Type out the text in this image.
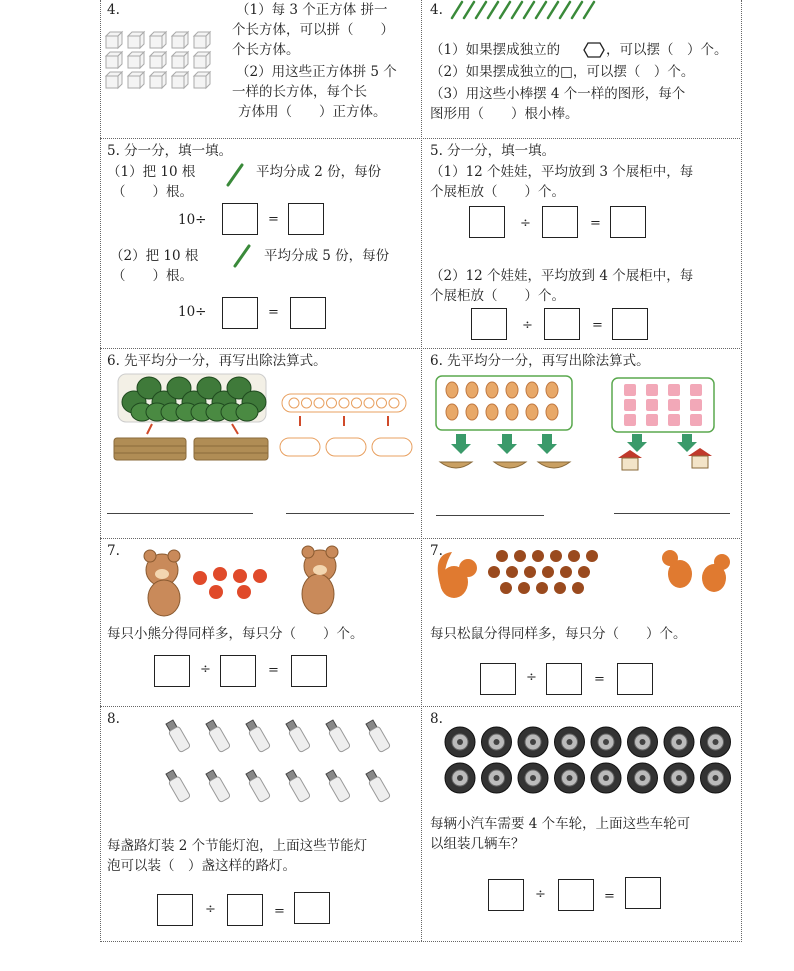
4.	（1）每 3 个正方体 拼一
个长方体，可以拼（　　）
个长方体。
（2）用这些正方体拼 5 个
一样的长方体，每个长
方体用（　　）正方体。
4.
（1）如果摆成独立的	，可以摆（　）个。
（2）如果摆成独立的□，可以摆（　）个。
（3）用这些小棒摆 4 个一样的图形，每个
图形用（　　）根小棒。
5. 分一分，填一填。
（1）把 10 根	平均分成 2 份，每份
（　　）根。
10÷	=
（2）把 10 根	平均分成 5 份，每份
（　　）根。
10÷	=
5. 分一分，填一填。
（1）12 个娃娃，平均放到 3 个展柜中，每
个展柜放（　　）个。
÷	=
（2）12 个娃娃，平均放到 4 个展柜中，每
个展柜放（　　）个。
÷	=
6. 先平均分一分，再写出除法算式。	6. 先平均分一分，再写出除法算式。
7.
每只小熊分得同样多，每只分（　　）个。
÷	=
7.
每只松鼠分得同样多，每只分（　　）个。
÷	=
8.
每盏路灯装 2 个节能灯泡，上面这些节能灯
泡可以装（　）盏这样的路灯。
÷	=
8.
每辆小汽车需要 4 个车轮，上面这些车轮可
以组装几辆车？
÷	=
